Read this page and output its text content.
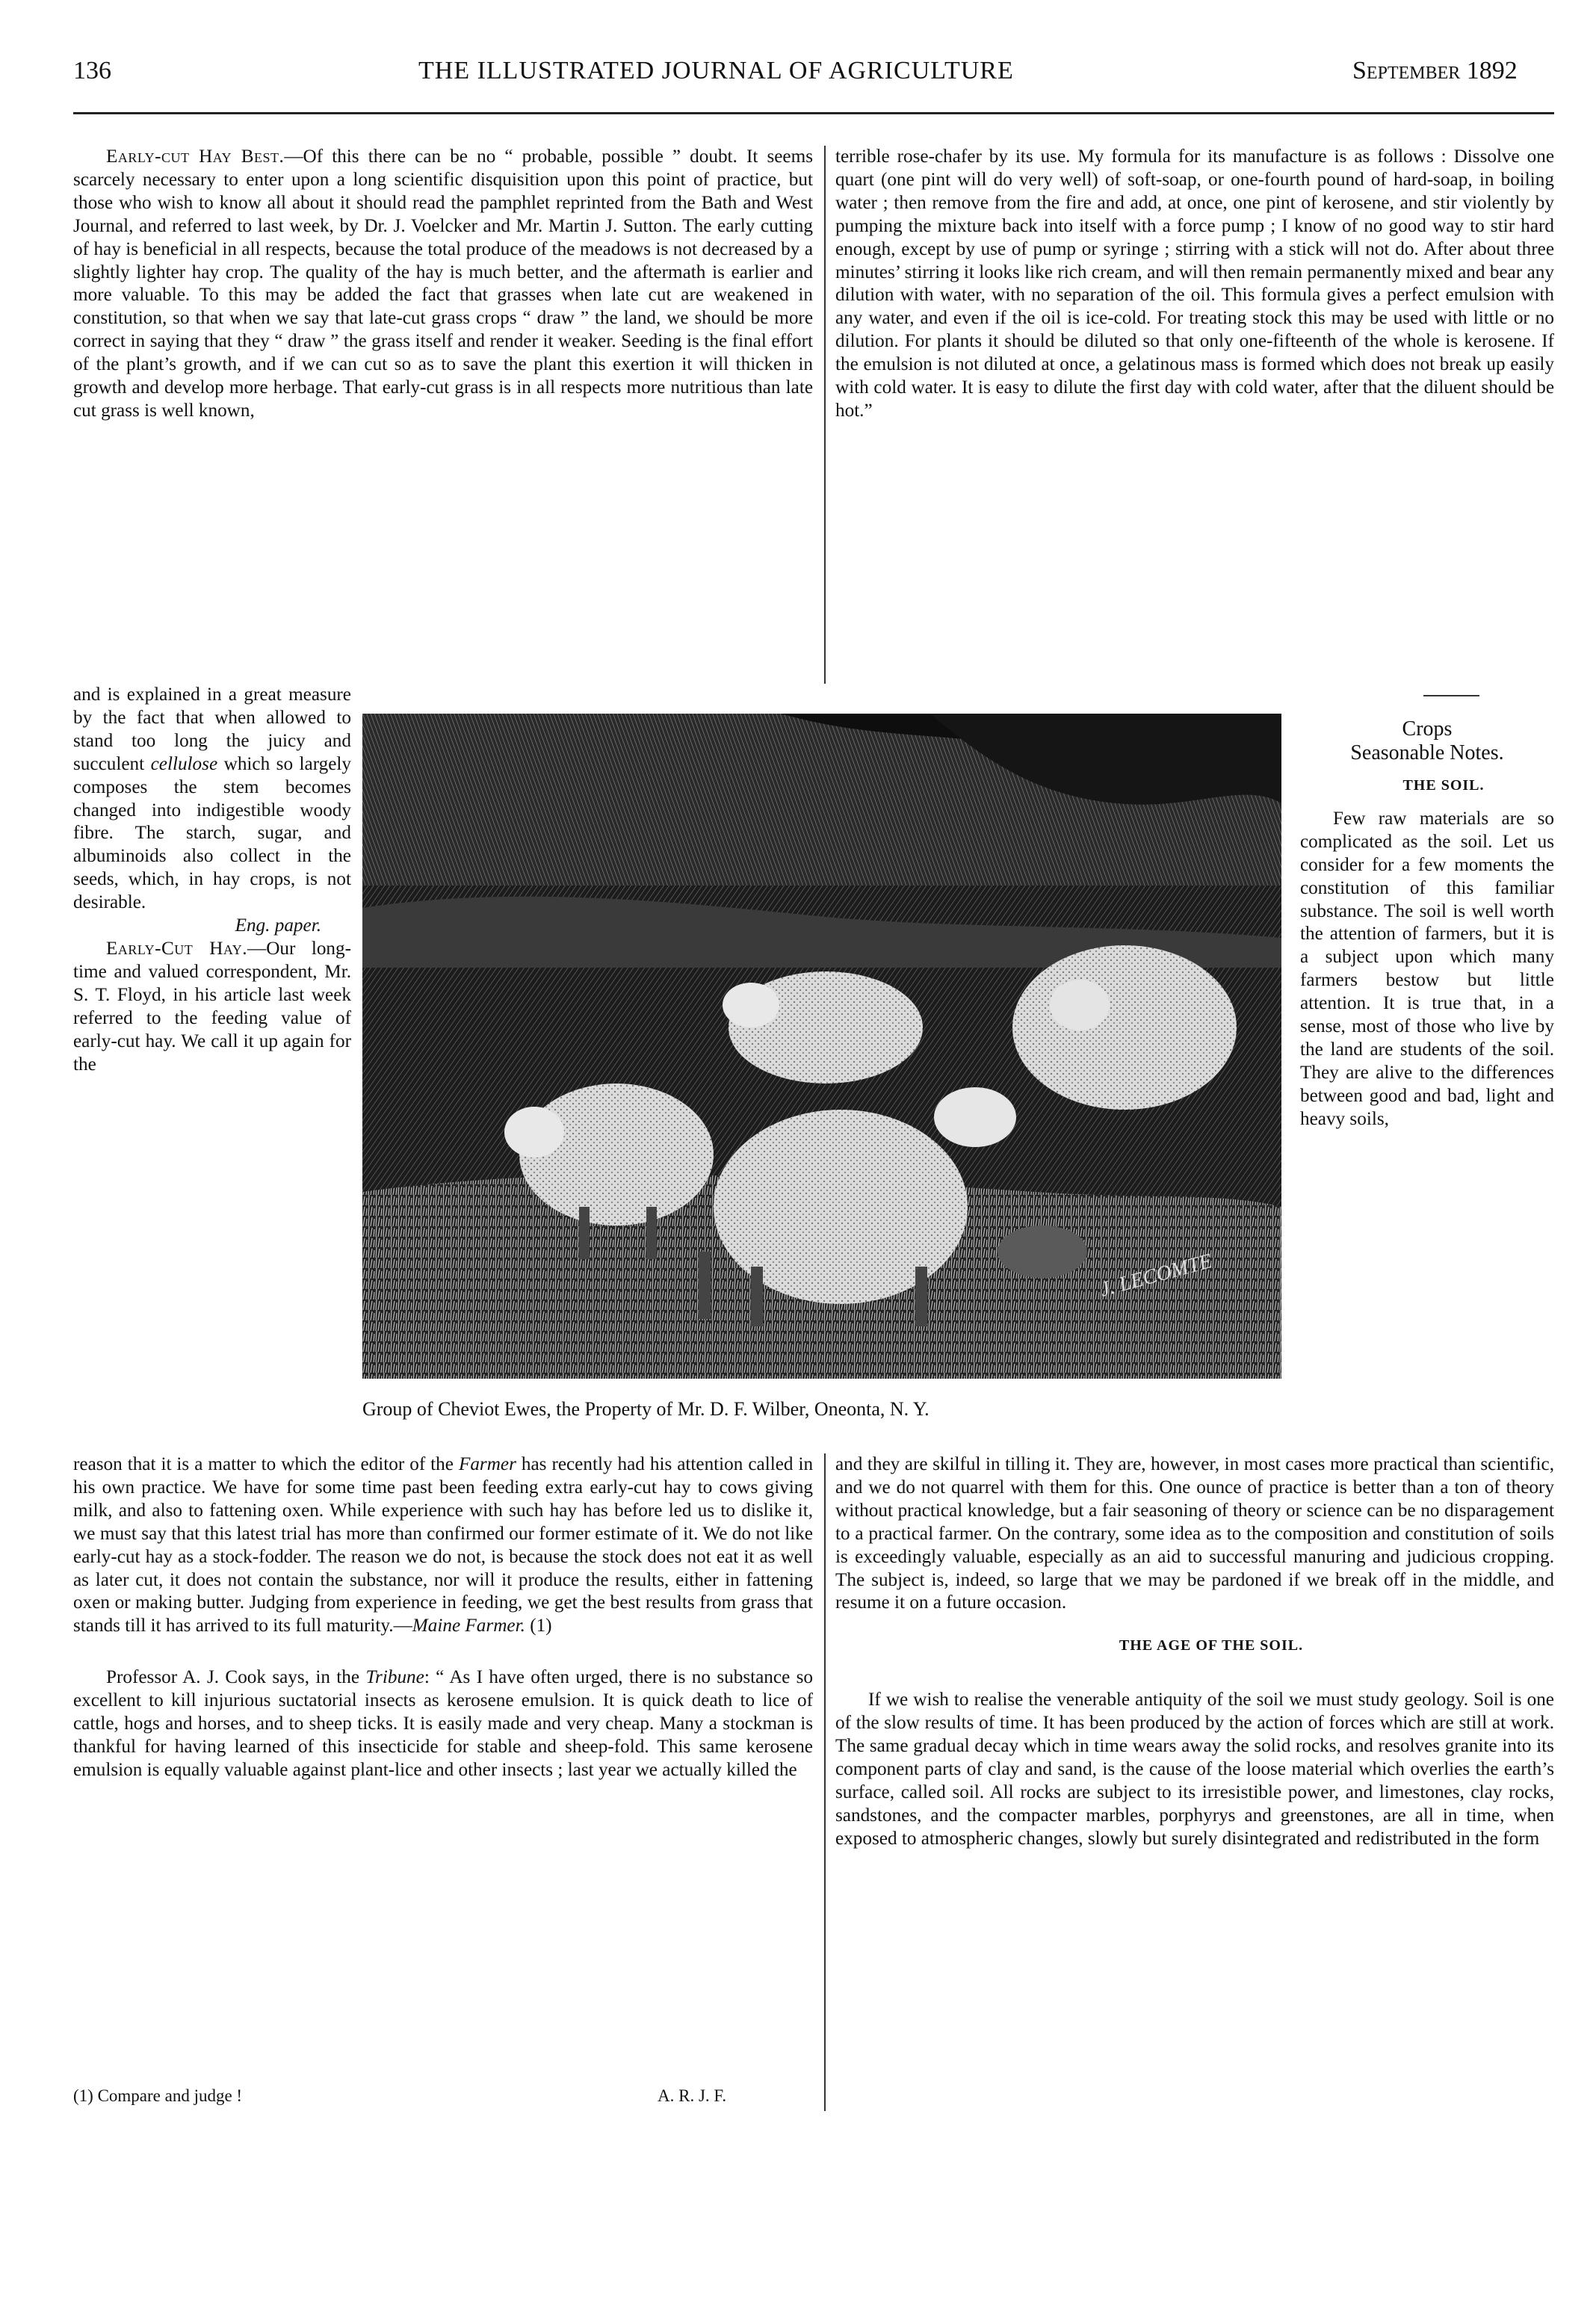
136	THE ILLUSTRATED JOURNAL OF AGRICULTURE	September 1892

Early-cut Hay Best.—Of this there can be no “ probable, possible ” doubt. It seems scarcely necessary to enter upon a long scientific disquisition upon this point of practice, but those who wish to know all about it should read the pamphlet reprinted from the Bath and West Journal, and referred to last week, by Dr. J. Voelcker and Mr. Martin J. Sutton. The early cutting of hay is beneficial in all respects, because the total produce of the meadows is not decreased by a slightly lighter hay crop. The quality of the hay is much better, and the aftermath is earlier and more valuable. To this may be added the fact that grasses when late cut are weakened in constitution, so that when we say that late-cut grass crops “ draw ” the land, we should be more correct in saying that they “ draw ” the grass itself and render it weaker. Seeding is the final effort of the plant’s growth, and if we can cut so as to save the plant this exertion it will thicken in growth and develop more herbage. That early-cut grass is in all respects more nutritious than late cut grass is well known,

and is explained in a great measure by the fact that when allowed to stand too long the juicy and succulent cellulose which so largely composes the stem becomes changed into indigestible woody fibre. The starch, sugar, and albuminoids also collect in the seeds, which, in hay crops, is not desirable.

Eng. paper.

Early-Cut Hay.—Our long-time and valued correspondent, Mr. S. T. Floyd, in his article last week referred to the feeding value of early-cut hay. We call it up again for the

reason that it is a matter to which the editor of the Farmer has recently had his attention called in his own practice. We have for some time past been feeding extra early-cut hay to cows giving milk, and also to fattening oxen. While experience with such hay has before led us to dislike it, we must say that this latest trial has more than confirmed our former estimate of it. We do not like early-cut hay as a stock-fodder. The reason we do not, is because the stock does not eat it as well as later cut, it does not contain the substance, nor will it produce the results, either in fattening oxen or making butter. Judging from experience in feeding, we get the best results from grass that stands till it has arrived to its full maturity.—Maine Farmer. (1)

Professor A. J. Cook says, in the Tribune: “ As I have often urged, there is no substance so excellent to kill injurious suctatorial insects as kerosene emulsion. It is quick death to lice of cattle, hogs and horses, and to sheep ticks. It is easily made and very cheap. Many a stockman is thankful for having learned of this insecticide for stable and sheep-fold. This same kerosene emulsion is equally valuable against plant-lice and other insects ; last year we actually killed the

(1) Compare and judge !	A. R. J. F.

terrible rose-chafer by its use. My formula for its manufacture is as follows : Dissolve one quart (one pint will do very well) of soft-soap, or one-fourth pound of hard-soap, in boiling water ; then remove from the fire and add, at once, one pint of kerosene, and stir violently by pumping the mixture back into itself with a force pump ; I know of no good way to stir hard enough, except by use of pump or syringe ; stirring with a stick will not do. After about three minutes’ stirring it looks like rich cream, and will then remain permanently mixed and bear any dilution with water, with no separation of the oil. This formula gives a perfect emulsion with any water, and even if the oil is ice-cold. For treating stock this may be used with little or no dilution. For plants it should be diluted so that only one-fifteenth of the whole is kerosene. If the emulsion is not diluted at once, a gelatinous mass is formed which does not break up easily with cold water. It is easy to dilute the first day with cold water, after that the diluent should be hot.”

Crops

Seasonable Notes.

THE SOIL.

Few raw materials are so complicated as the soil. Let us consider for a few moments the constitution of this familiar substance. The soil is well worth the attention of farmers, but it is a subject upon which many farmers bestow but little attention. It is true that, in a sense, most of those who live by the land are students of the soil. They are alive to the differences between good and bad, light and heavy soils,

and they are skilful in tilling it. They are, however, in most cases more practical than scientific, and we do not quarrel with them for this. One ounce of practice is better than a ton of theory without practical knowledge, but a fair seasoning of theory or science can be no disparagement to a practical farmer. On the contrary, some idea as to the composition and constitution of soils is exceedingly valuable, especially as an aid to successful manuring and judicious cropping. The subject is, indeed, so large that we may be pardoned if we break off in the middle, and resume it on a future occasion.

THE AGE OF THE SOIL.

If we wish to realise the venerable antiquity of the soil we must study geology. Soil is one of the slow results of time. It has been produced by the action of forces which are still at work. The same gradual decay which in time wears away the solid rocks, and resolves granite into its component parts of clay and sand, is the cause of the loose material which overlies the earth’s surface, called soil. All rocks are subject to its irresistible power, and limestones, clay rocks, sandstones, and the compacter marbles, porphyrys and greenstones, are all in time, when exposed to atmospheric changes, slowly but surely disintegrated and redistributed in the form

J. LECOMTE
Group of Cheviot Ewes, the Property of Mr. D. F. Wilber, Oneonta, N. Y.
